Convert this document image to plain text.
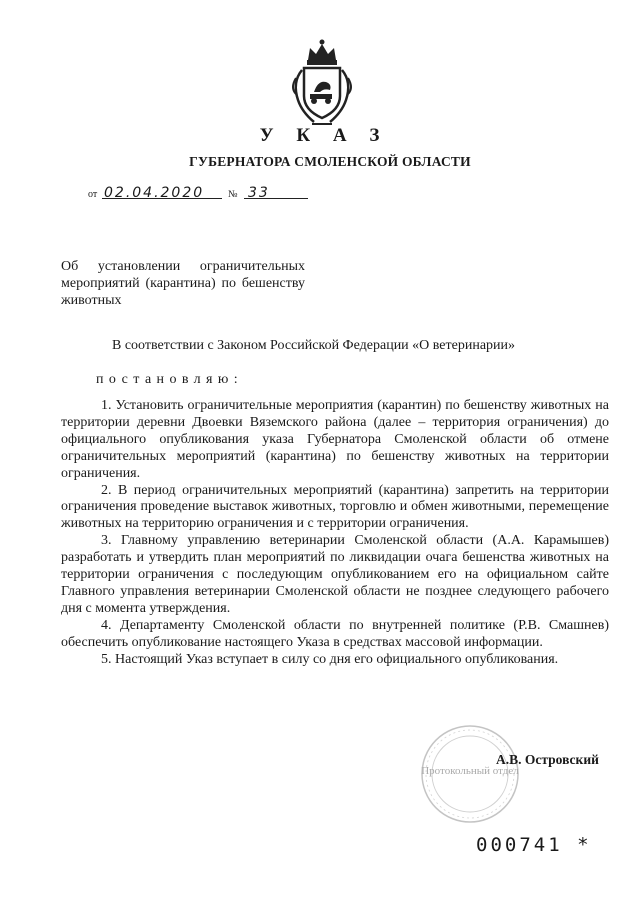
У К А З
ГУБЕРНАТОРА СМОЛЕНСКОЙ ОБЛАСТИ
от 02.04.2020 № 33
Об установлении ограничительных мероприятий (карантина) по бешенству животных
В соответствии с Законом Российской Федерации «О ветеринарии»
постановляю:

1. Установить ограничительные мероприятия (карантин) по бешенству животных на территории деревни Двоевки Вяземского района (далее – территория ограничения) до официального опубликования указа Губернатора Смоленской области об отмене ограничительных мероприятий (карантина) по бешенству животных на территории ограничения.

2. В период ограничительных мероприятий (карантина) запретить на территории ограничения проведение выставок животных, торговлю и обмен животными, перемещение животных на территорию ограничения и с территории ограничения.

3. Главному управлению ветеринарии Смоленской области (А.А. Карамышев) разработать и утвердить план мероприятий по ликвидации очага бешенства животных на территории ограничения с последующим опубликованием его на официальном сайте Главного управления ветеринарии Смоленской области не позднее следующего рабочего дня с момента утверждения.

4. Департаменту Смоленской области по внутренней политике (Р.В. Смашнев) обеспечить опубликование настоящего Указа в средствах массовой информации.

5. Настоящий Указ вступает в силу со дня его официального опубликования.

Протокольный отдел
А.В. Островский
000741 *
